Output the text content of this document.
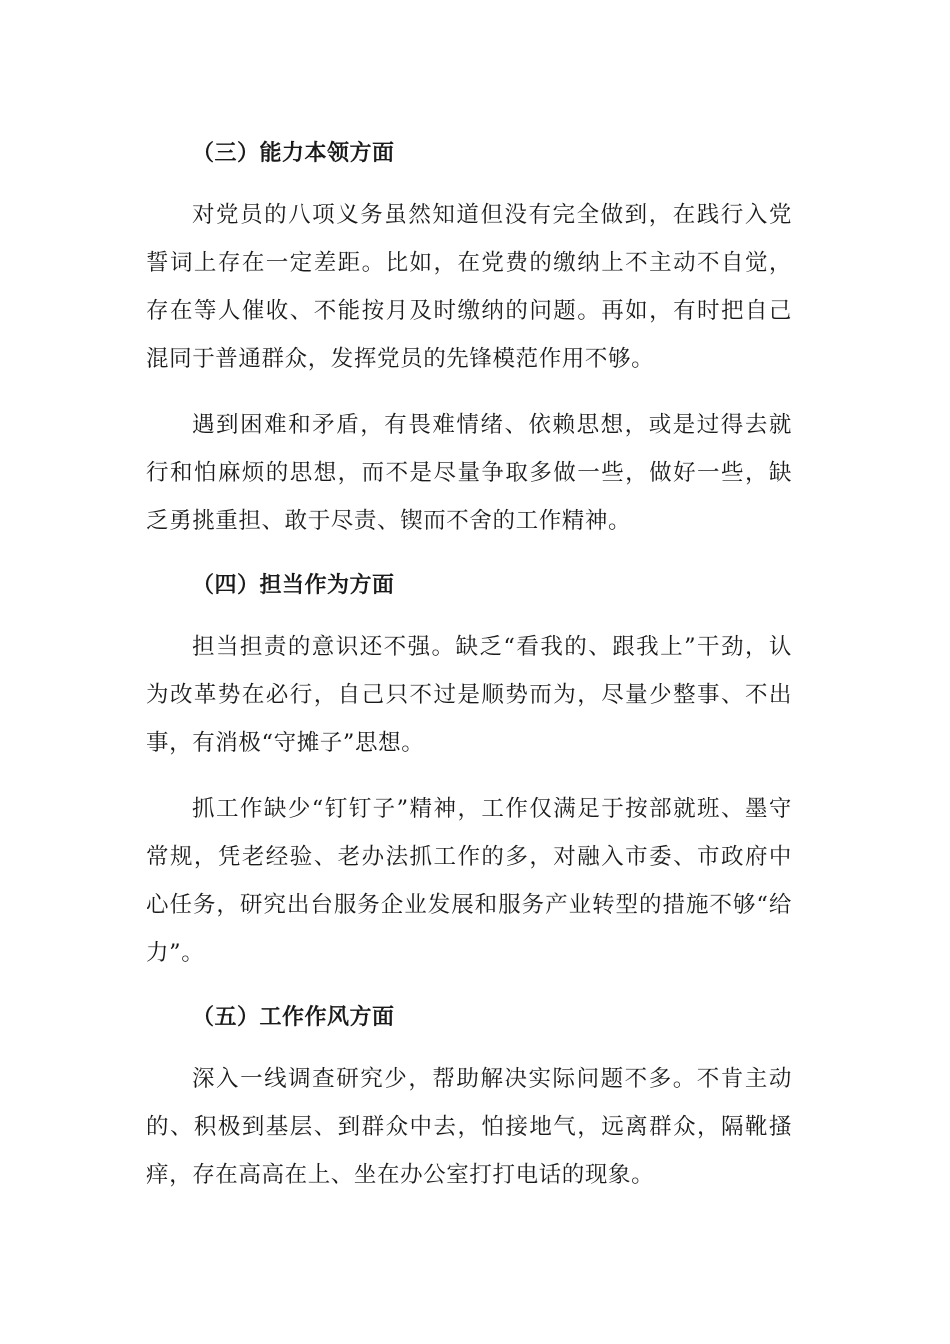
（三）能力本领方面

对党员的八项义务虽然知道但没有完全做到，在践行入党誓词上存在一定差距。比如，在党费的缴纳上不主动不自觉，存在等人催收、不能按月及时缴纳的问题。再如，有时把自己混同于普通群众，发挥党员的先锋模范作用不够。

遇到困难和矛盾，有畏难情绪、依赖思想，或是过得去就行和怕麻烦的思想，而不是尽量争取多做一些，做好一些，缺乏勇挑重担、敢于尽责、锲而不舍的工作精神。

（四）担当作为方面

担当担责的意识还不强。缺乏“看我的、跟我上”干劲，认为改革势在必行，自己只不过是顺势而为，尽量少整事、不出事，有消极“守摊子”思想。

抓工作缺少“钉钉子”精神，工作仅满足于按部就班、墨守常规，凭老经验、老办法抓工作的多，对融入市委、市政府中心任务，研究出台服务企业发展和服务产业转型的措施不够“给力”。

（五）工作作风方面

深入一线调查研究少，帮助解决实际问题不多。不肯主动的、积极到基层、到群众中去，怕接地气，远离群众，隔靴搔痒，存在高高在上、坐在办公室打打电话的现象。
